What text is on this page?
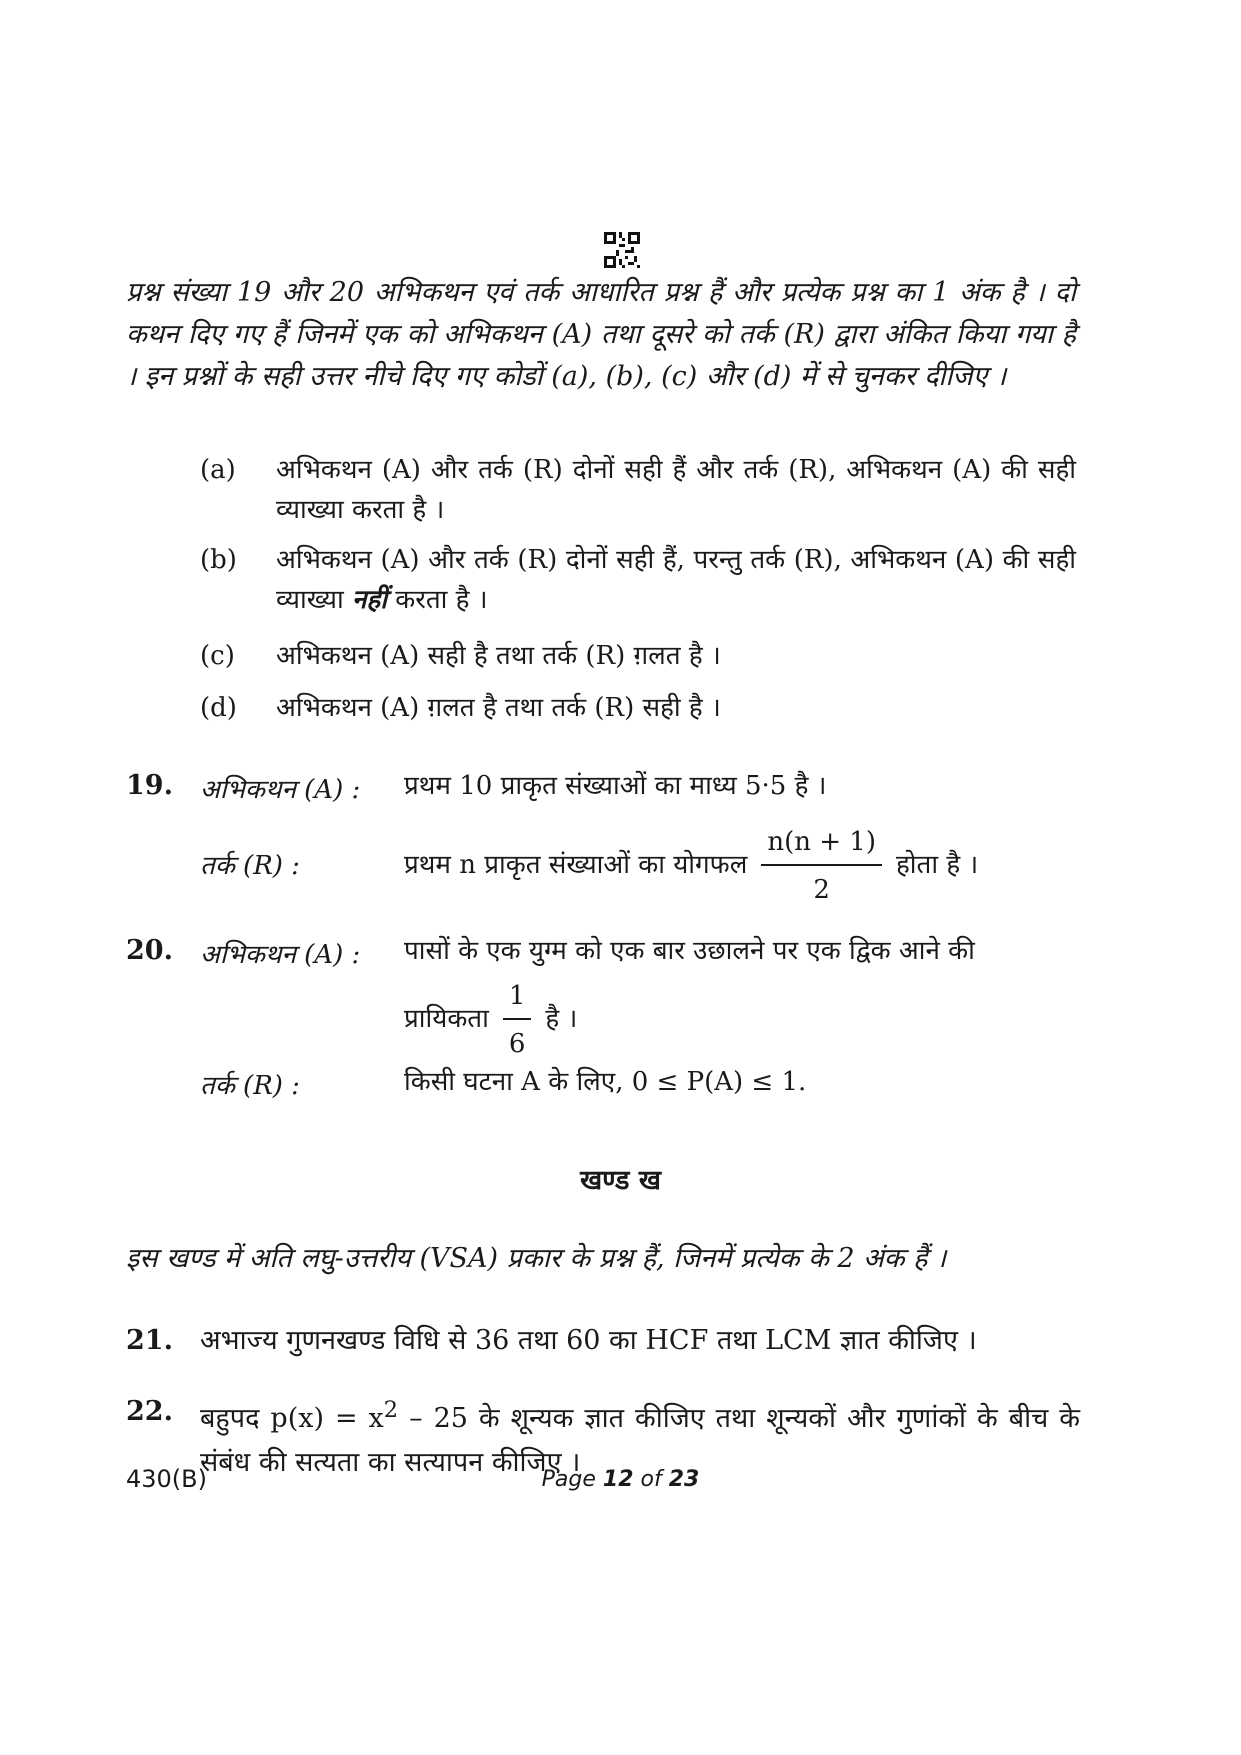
प्रश्न संख्या 19 और 20 अभिकथन एवं तर्क आधारित प्रश्न हैं और प्रत्येक प्रश्न का 1 अंक है । दो कथन दिए गए हैं जिनमें एक को अभिकथन (A) तथा दूसरे को तर्क (R) द्वारा अंकित किया गया है । इन प्रश्नों के सही उत्तर नीचे दिए गए कोडों (a), (b), (c) और (d) में से चुनकर दीजिए ।
(a)	अभिकथन (A) और तर्क (R) दोनों सही हैं और तर्क (R), अभिकथन (A) की सही व्याख्या करता है ।
(b)	अभिकथन (A) और तर्क (R) दोनों सही हैं, परन्तु तर्क (R), अभिकथन (A) की सही व्याख्या नहीं करता है ।
(c)	अभिकथन (A) सही है तथा तर्क (R) ग़लत है ।
(d)	अभिकथन (A) ग़लत है तथा तर्क (R) सही है ।
19. अभिकथन (A) : प्रथम 10 प्राकृत संख्याओं का माध्य 5·5 है ।
तर्क (R) :	प्रथम n प्राकृत संख्याओं का योगफल $\frac{n(n + 1)}{2}$ होता है ।
20. अभिकथन (A) : पासों के एक युग्म को एक बार उछालने पर एक द्विक आने की
प्रायिकता $\frac{1}{6}$ है ।
तर्क (R) :	किसी घटना A के लिए, 0 ≤ P(A) ≤ 1.
खण्ड ख
इस खण्ड में अति लघु-उत्तरीय (VSA) प्रकार के प्रश्न हैं, जिनमें प्रत्येक के 2 अंक हैं ।
21. अभाज्य गुणनखण्ड विधि से 36 तथा 60 का HCF तथा LCM ज्ञात कीजिए ।
22. बहुपद $p(x) = x^2 - 25$ के शून्यक ज्ञात कीजिए तथा शून्यकों और गुणांकों के बीच के संबंध की सत्यता का सत्यापन कीजिए ।
430(B)	Page 12 of 23
